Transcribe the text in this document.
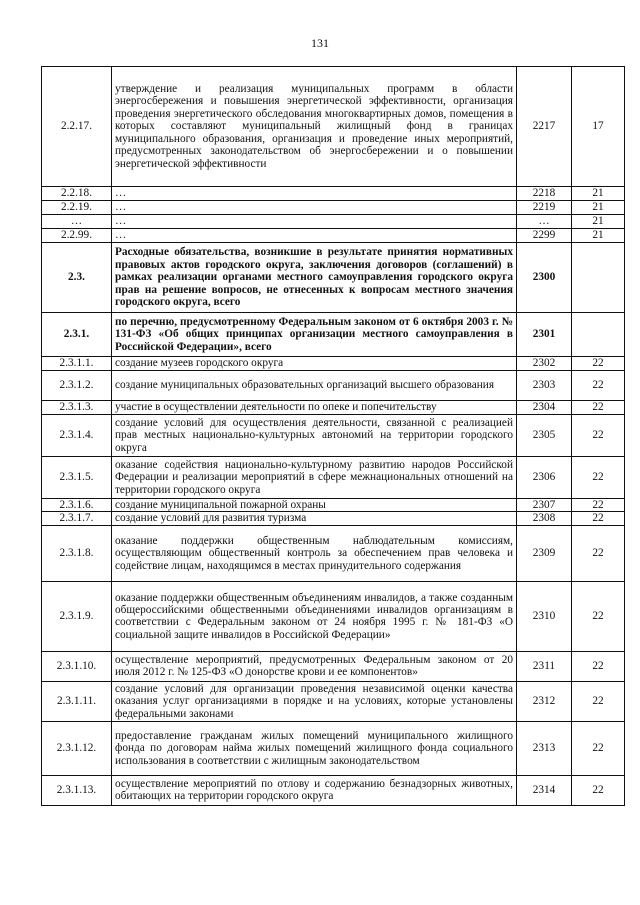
131
2.2.17.	утверждение и реализация муниципальных программ в области энергосбережения и повышения энергетической эффективности, организация проведения энергетического обследования многоквартирных домов, помещения в которых составляют муниципальный жилищный фонд в границах муниципального образования, организация и проведение иных мероприятий, предусмотренных законодательством об энергосбережении и о повышении энергетической эффективности	2217	17
2.2.18.	…	2218	21
2.2.19.	…	2219	21
…	…	…	21
2.2.99.	…	2299	21
2.3.	Расходные обязательства, возникшие в результате принятия нормативных правовых актов городского округа, заключения договоров (соглашений) в рамках реализации органами местного самоуправления городского округа прав на решение вопросов, не отнесенных к вопросам местного значения городского округа, всего	2300	
2.3.1.	по перечню, предусмотренному Федеральным законом от 6 октября 2003 г. № 131-ФЗ «Об общих принципах организации местного самоуправления в Российской Федерации», всего	2301	
2.3.1.1.	создание музеев городского округа	2302	22
2.3.1.2.	создание муниципальных образовательных организаций высшего образования	2303	22
2.3.1.3.	участие в осуществлении деятельности по опеке и попечительству	2304	22
2.3.1.4.	создание условий для осуществления деятельности, связанной с реализацией прав местных национально-культурных автономий на территории городского округа	2305	22
2.3.1.5.	оказание содействия национально-культурному развитию народов Российской Федерации и реализации мероприятий в сфере межнациональных отношений на территории городского округа	2306	22
2.3.1.6.	создание муниципальной пожарной охраны	2307	22
2.3.1.7.	создание условий для развития туризма	2308	22
2.3.1.8.	оказание поддержки общественным наблюдательным комиссиям, осуществляющим общественный контроль за обеспечением прав человека и содействие лицам, находящимся в местах принудительного содержания	2309	22
2.3.1.9.	оказание поддержки общественным объединениям инвалидов, а также созданным общероссийскими общественными объединениями инвалидов организациям в соответствии с Федеральным законом от 24 ноября 1995 г. № 181-ФЗ «О социальной защите инвалидов в Российской Федерации»	2310	22
2.3.1.10.	осуществление мероприятий, предусмотренных Федеральным законом от 20 июля 2012 г. № 125-ФЗ «О донорстве крови и ее компонентов»	2311	22
2.3.1.11.	создание условий для организации проведения независимой оценки качества оказания услуг организациями в порядке и на условиях, которые установлены федеральными законами	2312	22
2.3.1.12.	предоставление гражданам жилых помещений муниципального жилищного фонда по договорам найма жилых помещений жилищного фонда социального использования в соответствии с жилищным законодательством	2313	22
2.3.1.13.	осуществление мероприятий по отлову и содержанию безнадзорных животных, обитающих на территории городского округа	2314	22
